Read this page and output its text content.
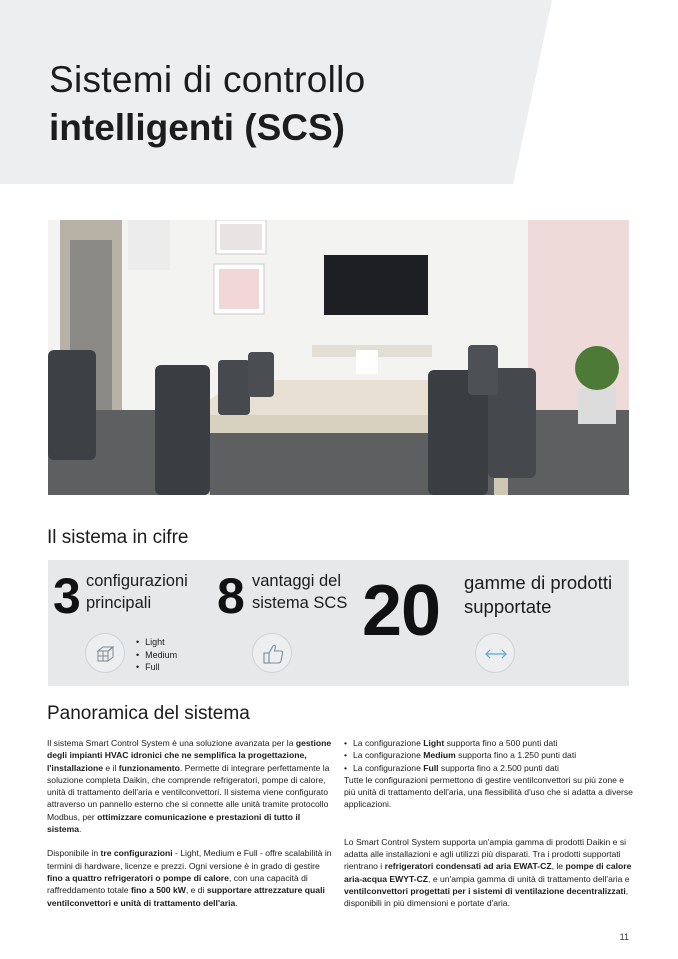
Sistemi di controllo
intelligenti (SCS)
Il sistema in cifre
3 configurazioni
principali	8 vantaggi del
sistema SCS 20 gamme di prodotti
supportate
• Light
• Medium
• Full
Panoramica del sistema

Il sistema Smart Control System è una soluzione avanzata per la gestione degli impianti HVAC idronici che ne semplifica la progettazione, l'installazione e il funzionamento. Permette di integrare perfettamente la soluzione completa Daikin, che comprende refrigeratori, pompe di calore, unità di trattamento dell'aria e ventilconvettori. Il sistema viene configurato attraverso un pannello esterno che si connette alle unità tramite protocollo Modbus, per ottimizzare comunicazione e prestazioni di tutto il sistema.

Disponibile in tre configurazioni - Light, Medium e Full - offre scalabilità in termini di hardware, licenze e prezzi. Ogni versione è in grado di gestire fino a quattro refrigeratori o pompe di calore, con una capacità di raffreddamento totale fino a 500 kW, e di supportare attrezzature quali ventilconvettori e unità di trattamento dell'aria.

• La configurazione Light supporta fino a 500 punti dati
• La configurazione Medium supporta fino a 1.250 punti dati
• La configurazione Full supporta fino a 2.500 punti dati

Tutte le configurazioni permettono di gestire ventilconvettori su più zone e più unità di trattamento dell'aria, una flessibilità d'uso che si adatta a diverse applicazioni.

Lo Smart Control System supporta un'ampia gamma di prodotti Daikin e si adatta alle installazioni e agli utilizzi più disparati. Tra i prodotti supportati rientrano i refrigeratori condensati ad aria EWAT-CZ, le pompe di calore aria-acqua EWYT-CZ, e un'ampia gamma di unità di trattamento dell'aria e ventilconvettori progettati per i sistemi di ventilazione decentralizzati, disponibili in più dimensioni e portate d'aria.

11
